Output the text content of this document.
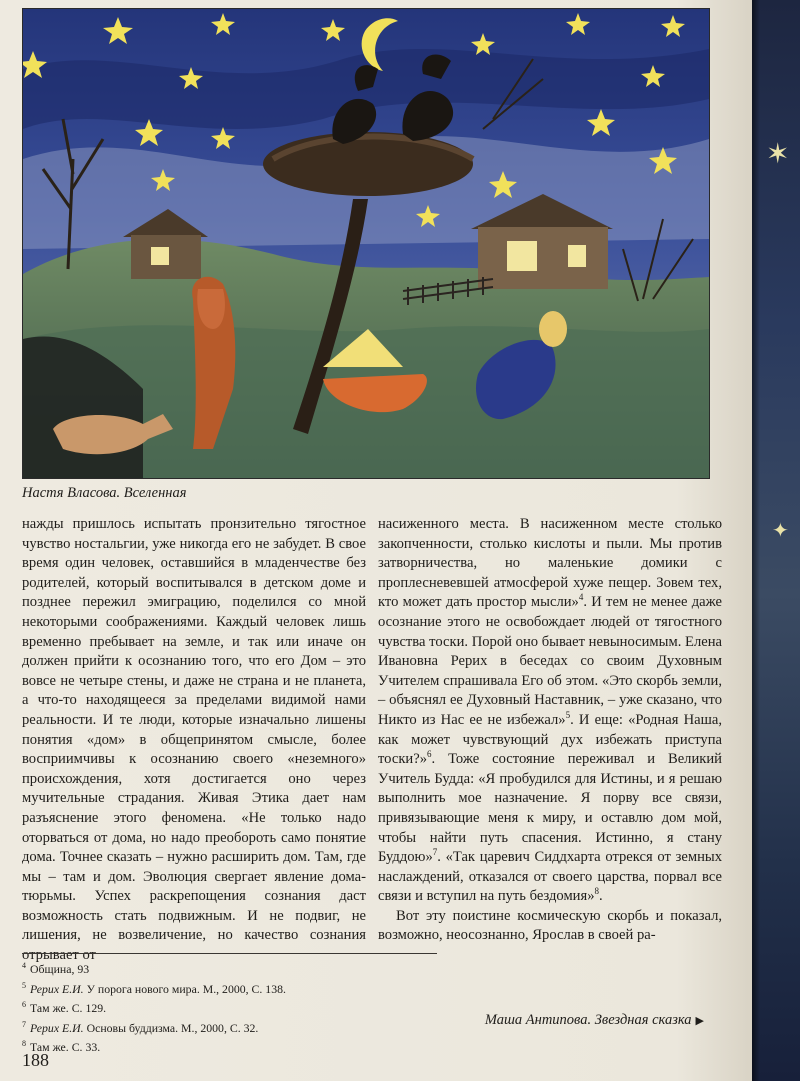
Настя Власова. Вселенная

нажды пришлось испытать пронзительно тягостное чувство ностальгии, уже никогда его не забудет. В свое время один человек, оставшийся в младенчестве без родителей, который воспитывался в детском доме и позднее пережил эмиграцию, поделился со мной некоторыми соображениями. Каждый человек лишь временно пребывает на земле, и так или иначе он должен прийти к осознанию того, что его Дом – это вовсе не четыре стены, и даже не страна и не планета, а что-то находящееся за пределами видимой нами реальности. И те люди, которые изначально лишены понятия «дом» в общепринятом смысле, более восприимчивы к осознанию своего «неземного» происхождения, хотя достигается оно через мучительные страдания. Живая Этика дает нам разъяснение этого феномена. «Не только надо оторваться от дома, но надо преобороть само понятие дома. Точнее сказать – нужно расширить дом. Там, где мы – там и дом. Эволюция свергает явление дома-тюрьмы. Успех раскрепощения сознания даст возможность стать подвижным. И не подвиг, не лишения, не возвеличение, но качество сознания отрывает от

насиженного места. В насиженном месте столько закопченности, столько кислоты и пыли. Мы против затворничества, но маленькие домики с проплесневевшей атмосферой хуже пещер. Зовем тех, кто может дать простор мысли»$^4$. И тем не менее даже осознание этого не освобождает людей от тягостного чувства тоски. Порой оно бывает невыносимым. Елена Ивановна Рерих в беседах со своим Духовным Учителем спрашивала Его об этом. «Это скорбь земли, – объяснял ее Духовный Наставник, – уже сказано, что Никто из Нас ее не избежал»$^5$. И еще: «Родная Наша, как может чувствующий дух избежать приступа тоски?»$^6$. Тоже состояние переживал и Великий Учитель Будда: «Я пробудился для Истины, и я решаю выполнить мое назначение. Я порву все связи, привязывающие меня к миру, и оставлю дом мой, чтобы найти путь спасения. Истинно, я стану Буддою»$^7$. «Так царевич Сиддхарта отрекся от земных наслаждений, отказался от своего царства, порвал все связи и вступил на путь бездомия»$^8$.

Вот эту поистине космическую скорбь и показал, возможно, неосознанно, Ярослав в своей ра-

$^4$ Община, 93
$^5$ Рерих Е.И. У порога нового мира. М., 2000, С. 138.
$^6$ Там же. С. 129.
$^7$ Рерих Е.И. Основы буддизма. М., 2000, С. 32.
$^8$ Там же. С. 33.
Маша Антипова. Звездная сказка ▶
188
✶
✦
